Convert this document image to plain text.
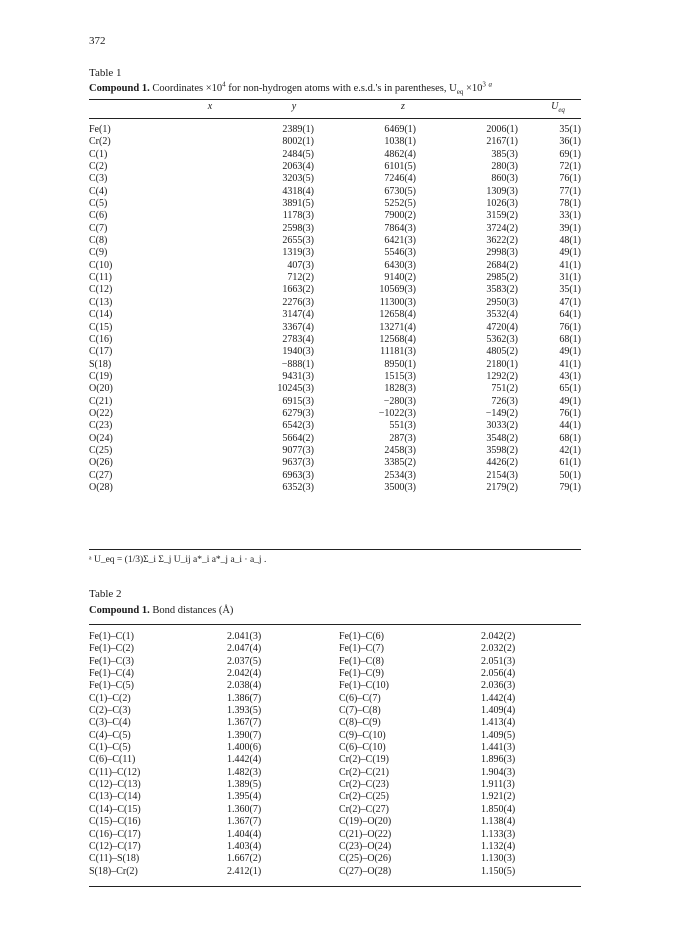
372
Table 1
Compound 1. Coordinates $\times 10^4$ for non-hydrogen atoms with e.s.d.'s in parentheses, $U_{eq} \times 10^3$ $^a$
x	y	z	$U_{eq}$
Fe(1)	2389(1)	6469(1)	2006(1)	35(1)
Cr(2)	8002(1)	1038(1)	2167(1)	36(1)
C(1)	2484(5)	4862(4)	385(3)	69(1)
C(2)	2063(4)	6101(5)	280(3)	72(1)
C(3)	3203(5)	7246(4)	860(3)	76(1)
C(4)	4318(4)	6730(5)	1309(3)	77(1)
C(5)	3891(5)	5252(5)	1026(3)	78(1)
C(6)	1178(3)	7900(2)	3159(2)	33(1)
C(7)	2598(3)	7864(3)	3724(2)	39(1)
C(8)	2655(3)	6421(3)	3622(2)	48(1)
C(9)	1319(3)	5546(3)	2998(3)	49(1)
C(10)	407(3)	6430(3)	2684(2)	41(1)
C(11)	712(2)	9140(2)	2985(2)	31(1)
C(12)	1663(2)	10569(3)	3583(2)	35(1)
C(13)	2276(3)	11300(3)	2950(3)	47(1)
C(14)	3147(4)	12658(4)	3532(4)	64(1)
C(15)	3367(4)	13271(4)	4720(4)	76(1)
C(16)	2783(4)	12568(4)	5362(3)	68(1)
C(17)	1940(3)	11181(3)	4805(2)	49(1)
S(18)	−888(1)	8950(1)	2180(1)	41(1)
C(19)	9431(3)	1515(3)	1292(2)	43(1)
O(20)	10245(3)	1828(3)	751(2)	65(1)
C(21)	6915(3)	−280(3)	726(3)	49(1)
O(22)	6279(3)	−1022(3)	−149(2)	76(1)
C(23)	6542(3)	551(3)	3033(2)	44(1)
O(24)	5664(2)	287(3)	3548(2)	68(1)
C(25)	9077(3)	2458(3)	3598(2)	42(1)
O(26)	9637(3)	3385(2)	4426(2)	61(1)
C(27)	6963(3)	2534(3)	2154(3)	50(1)
O(28)	6352(3)	3500(3)	2179(2)	79(1)
ᵃ U_eq = (1/3)Σ_i Σ_j U_ij a*_i a*_j a_i · a_j .
Table 2
Compound 1. Bond distances (Å)
Fe(1)–C(1)	2.041(3)	Fe(1)–C(6)	2.042(2)
Fe(1)–C(2)	2.047(4)	Fe(1)–C(7)	2.032(2)
Fe(1)–C(3)	2.037(5)	Fe(1)–C(8)	2.051(3)
Fe(1)–C(4)	2.042(4)	Fe(1)–C(9)	2.056(4)
Fe(1)–C(5)	2.038(4)	Fe(1)–C(10)	2.036(3)
C(1)–C(2)	1.386(7)	C(6)–C(7)	1.442(4)
C(2)–C(3)	1.393(5)	C(7)–C(8)	1.409(4)
C(3)–C(4)	1.367(7)	C(8)–C(9)	1.413(4)
C(4)–C(5)	1.390(7)	C(9)–C(10)	1.409(5)
C(1)–C(5)	1.400(6)	C(6)–C(10)	1.441(3)
C(6)–C(11)	1.442(4)	Cr(2)–C(19)	1.896(3)
C(11)–C(12)	1.482(3)	Cr(2)–C(21)	1.904(3)
C(12)–C(13)	1.389(5)	Cr(2)–C(23)	1.911(3)
C(13)–C(14)	1.395(4)	Cr(2)–C(25)	1.921(2)
C(14)–C(15)	1.360(7)	Cr(2)–C(27)	1.850(4)
C(15)–C(16)	1.367(7)	C(19)–O(20)	1.138(4)
C(16)–C(17)	1.404(4)	C(21)–O(22)	1.133(3)
C(12)–C(17)	1.403(4)	C(23)–O(24)	1.132(4)
C(11)–S(18)	1.667(2)	C(25)–O(26)	1.130(3)
S(18)–Cr(2)	2.412(1)	C(27)–O(28)	1.150(5)
